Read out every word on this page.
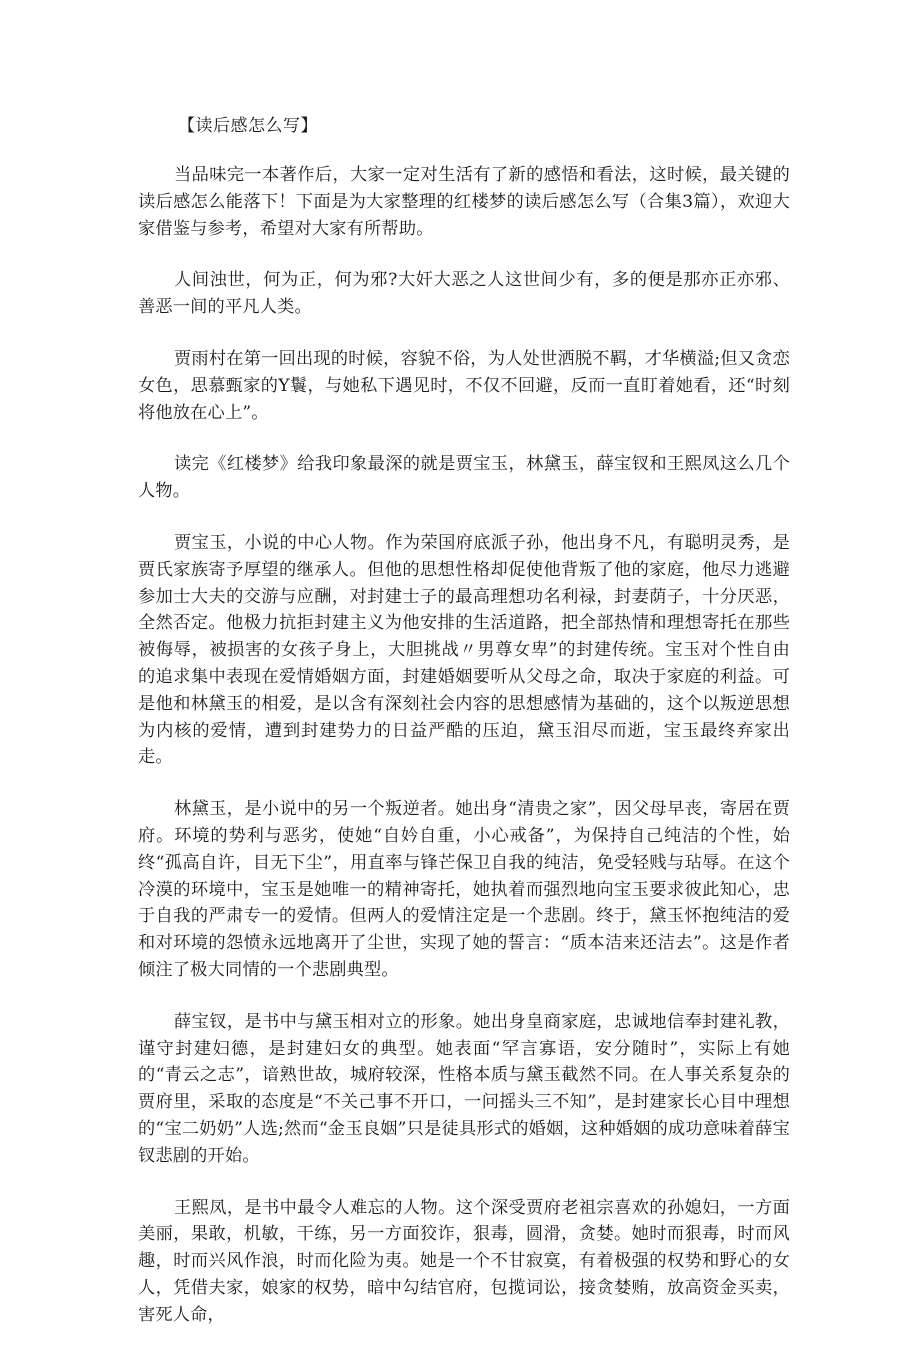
【读后感怎么写】

当品味完一本著作后，大家一定对生活有了新的感悟和看法，这时候，最关键的读后感怎么能落下！下面是为大家整理的红楼梦的读后感怎么写（合集3篇），欢迎大家借鉴与参考，希望对大家有所帮助。

人间浊世，何为正，何为邪?大奸大恶之人这世间少有，多的便是那亦正亦邪、善恶一间的平凡人类。

贾雨村在第一回出现的时候，容貌不俗，为人处世洒脱不羁，才华横溢;但又贪恋女色，思慕甄家的Y鬟，与她私下遇见时，不仅不回避，反而一直盯着她看，还“时刻将他放在心上”。

读完《红楼梦》给我印象最深的就是贾宝玉，林黛玉，薛宝钗和王熙凤这么几个人物。

贾宝玉，小说的中心人物。作为荣国府底派子孙，他出身不凡，有聪明灵秀，是贾氏家族寄予厚望的继承人。但他的思想性格却促使他背叛了他的家庭，他尽力逃避参加士大夫的交游与应酬，对封建士子的最高理想功名利禄，封妻荫子，十分厌恶，全然否定。他极力抗拒封建主义为他安排的生活道路，把全部热情和理想寄托在那些被侮辱，被损害的女孩子身上，大胆挑战〃男尊女卑”的封建传统。宝玉对个性自由的追求集中表现在爱情婚姻方面，封建婚姻要听从父母之命，取决于家庭的利益。可是他和林黛玉的相爱，是以含有深刻社会内容的思想感情为基础的，这个以叛逆思想为内核的爱情，遭到封建势力的日益严酷的压迫，黛玉泪尽而逝，宝玉最终弃家出走。

林黛玉，是小说中的另一个叛逆者。她出身“清贵之家”，因父母早丧，寄居在贾府。环境的势利与恶劣，使她“自妗自重，小心戒备”，为保持自己纯洁的个性，始终“孤高自许，目无下尘”，用直率与锋芒保卫自我的纯洁，免受轻贱与玷辱。在这个冷漠的环境中，宝玉是她唯一的精神寄托，她执着而强烈地向宝玉要求彼此知心，忠于自我的严肃专一的爱情。但两人的爱情注定是一个悲剧。终于，黛玉怀抱纯洁的爱和对环境的怨愤永远地离开了尘世，实现了她的誓言：“质本洁来还洁去”。这是作者倾注了极大同情的一个悲剧典型。

薛宝钗，是书中与黛玉相对立的形象。她出身皇商家庭，忠诚地信奉封建礼教，谨守封建妇德，是封建妇女的典型。她表面“罕言寡语，安分随时”，实际上有她的“青云之志”，谙熟世故，城府较深，性格本质与黛玉截然不同。在人事关系复杂的贾府里，采取的态度是“不关己事不开口，一问摇头三不知”，是封建家长心目中理想的“宝二奶奶”人选;然而“金玉良姻”只是徒具形式的婚姻，这种婚姻的成功意味着薛宝钗悲剧的开始。

王熙凤，是书中最令人难忘的人物。这个深受贾府老祖宗喜欢的孙媳妇，一方面美丽，果敢，机敏，干练，另一方面狡诈，狠毒，圆滑，贪婪。她时而狠毒，时而风趣，时而兴风作浪，时而化险为夷。她是一个不甘寂寞，有着极强的权势和野心的女人，凭借夫家，娘家的权势，暗中勾结官府，包揽词讼，接贪婪贿，放高资金买卖，害死人命，
